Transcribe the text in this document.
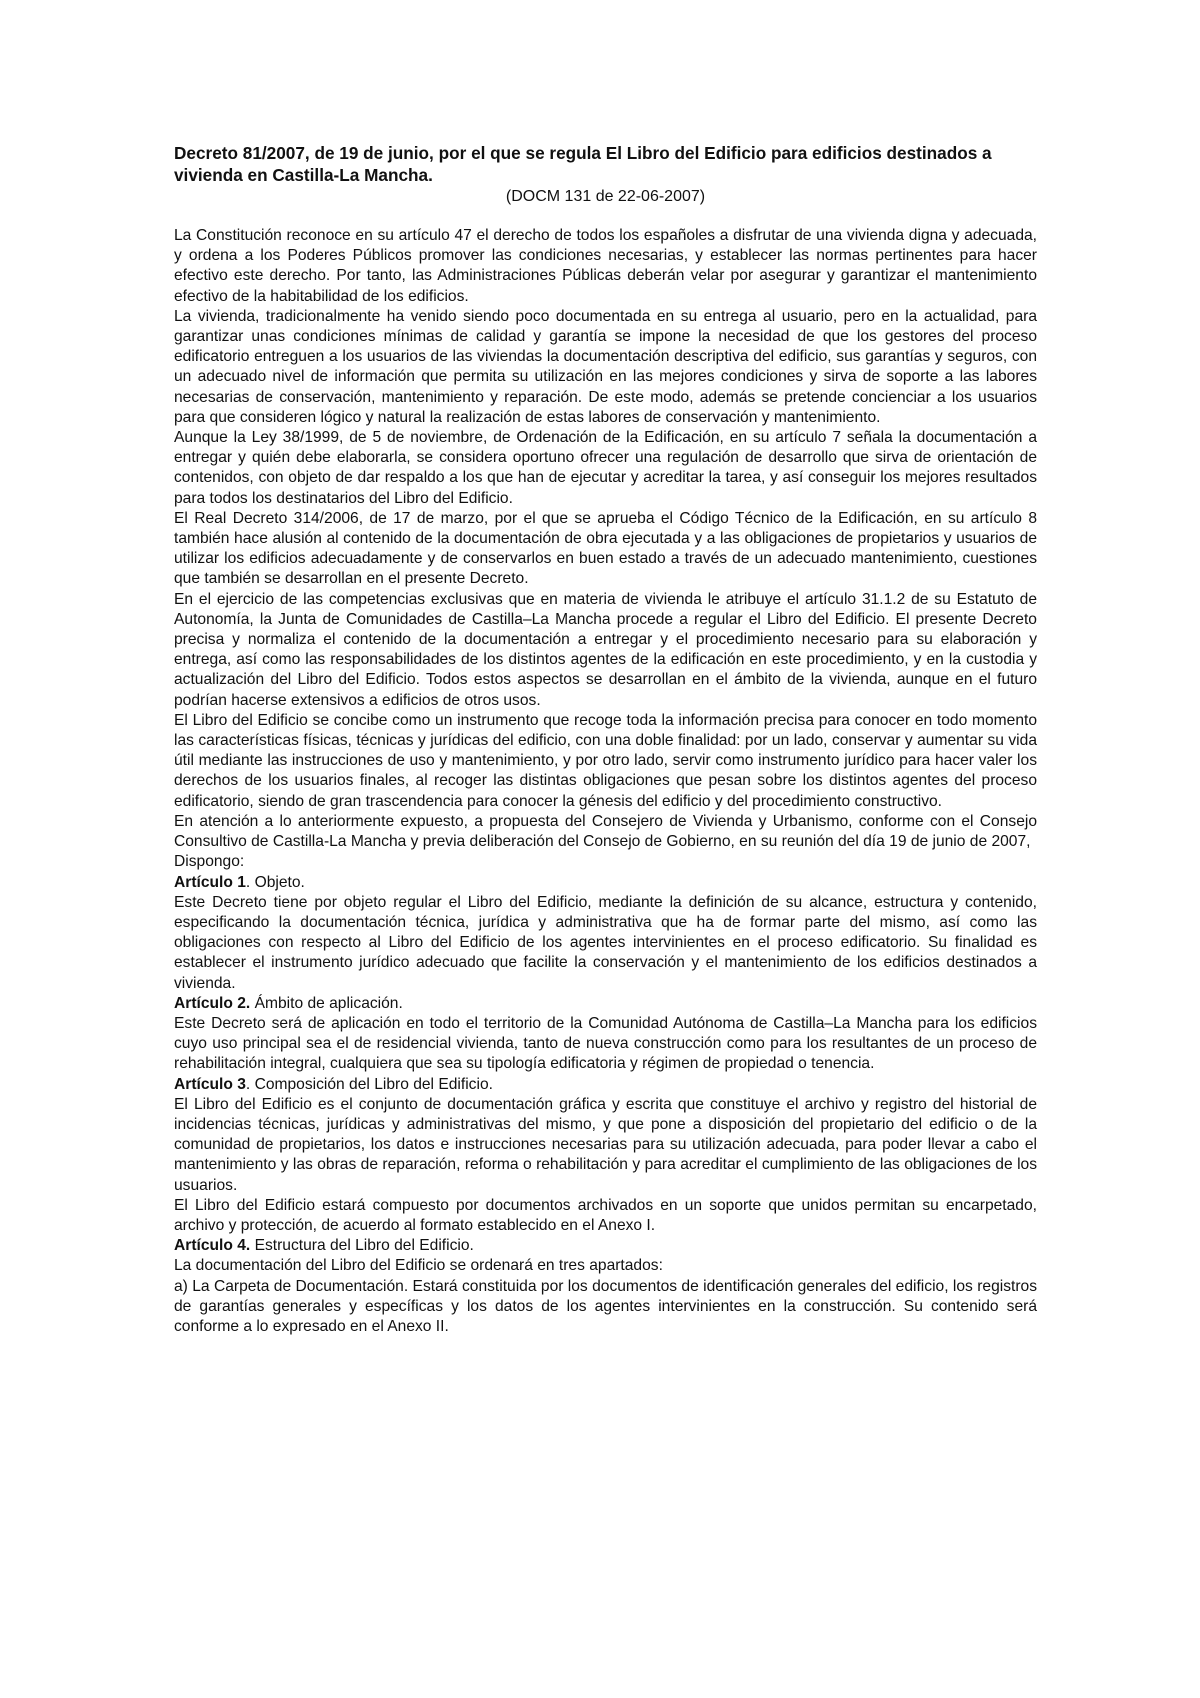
Decreto 81/2007, de 19 de junio, por el que se regula El Libro del Edificio para edificios destinados a vivienda en Castilla-La Mancha.

(DOCM 131 de 22-06-2007)

La Constitución reconoce en su artículo 47 el derecho de todos los españoles a disfrutar de una vivienda digna y adecuada, y ordena a los Poderes Públicos promover las condiciones necesarias, y establecer las normas pertinentes para hacer efectivo este derecho. Por tanto, las Administraciones Públicas deberán velar por asegurar y garantizar el mantenimiento efectivo de la habitabilidad de los edificios.

La vivienda, tradicionalmente ha venido siendo poco documentada en su entrega al usuario, pero en la actualidad, para garantizar unas condiciones mínimas de calidad y garantía se impone la necesidad de que los gestores del proceso edificatorio entreguen a los usuarios de las viviendas la documentación descriptiva del edificio, sus garantías y seguros, con un adecuado nivel de información que permita su utilización en las mejores condiciones y sirva de soporte a las labores necesarias de conservación, mantenimiento y reparación. De este modo, además se pretende concienciar a los usuarios para que consideren lógico y natural la realización de estas labores de conservación y mantenimiento.

Aunque la Ley 38/1999, de 5 de noviembre, de Ordenación de la Edificación, en su artículo 7 señala la documentación a entregar y quién debe elaborarla, se considera oportuno ofrecer una regulación de desarrollo que sirva de orientación de contenidos, con objeto de dar respaldo a los que han de ejecutar y acreditar la tarea, y así conseguir los mejores resultados para todos los destinatarios del Libro del Edificio.

El Real Decreto 314/2006, de 17 de marzo, por el que se aprueba el Código Técnico de la Edificación, en su artículo 8 también hace alusión al contenido de la documentación de obra ejecutada y a las obligaciones de propietarios y usuarios de utilizar los edificios adecuadamente y de conservarlos en buen estado a través de un adecuado mantenimiento, cuestiones que también se desarrollan en el presente Decreto.

En el ejercicio de las competencias exclusivas que en materia de vivienda le atribuye el artículo 31.1.2 de su Estatuto de Autonomía, la Junta de Comunidades de Castilla–La Mancha procede a regular el Libro del Edificio. El presente Decreto precisa y normaliza el contenido de la documentación a entregar y el procedimiento necesario para su elaboración y entrega, así como las responsabilidades de los distintos agentes de la edificación en este procedimiento, y en la custodia y actualización del Libro del Edificio. Todos estos aspectos se desarrollan en el ámbito de la vivienda, aunque en el futuro podrían hacerse extensivos a edificios de otros usos.

El Libro del Edificio se concibe como un instrumento que recoge toda la información precisa para conocer en todo momento las características físicas, técnicas y jurídicas del edificio, con una doble finalidad: por un lado, conservar y aumentar su vida útil mediante las instrucciones de uso y mantenimiento, y por otro lado, servir como instrumento jurídico para hacer valer los derechos de los usuarios finales, al recoger las distintas obligaciones que pesan sobre los distintos agentes del proceso edificatorio, siendo de gran trascendencia para conocer la génesis del edificio y del procedimiento constructivo.

En atención a lo anteriormente expuesto, a propuesta del Consejero de Vivienda y Urbanismo, conforme con el Consejo Consultivo de Castilla-La Mancha y previa deliberación del Consejo de Gobierno, en su reunión del día 19 de junio de 2007,

Dispongo:

Artículo 1. Objeto.

Este Decreto tiene por objeto regular el Libro del Edificio, mediante la definición de su alcance, estructura y contenido, especificando la documentación técnica, jurídica y administrativa que ha de formar parte del mismo, así como las obligaciones con respecto al Libro del Edificio de los agentes intervinientes en el proceso edificatorio. Su finalidad es establecer el instrumento jurídico adecuado que facilite la conservación y el mantenimiento de los edificios destinados a vivienda.

Artículo 2. Ámbito de aplicación.

Este Decreto será de aplicación en todo el territorio de la Comunidad Autónoma de Castilla–La Mancha para los edificios cuyo uso principal sea el de residencial vivienda, tanto de nueva construcción como para los resultantes de un proceso de rehabilitación integral, cualquiera que sea su tipología edificatoria y régimen de propiedad o tenencia.

Artículo 3. Composición del Libro del Edificio.

El Libro del Edificio es el conjunto de documentación gráfica y escrita que constituye el archivo y registro del historial de incidencias técnicas, jurídicas y administrativas del mismo, y que pone a disposición del propietario del edificio o de la comunidad de propietarios, los datos e instrucciones necesarias para su utilización adecuada, para poder llevar a cabo el mantenimiento y las obras de reparación, reforma o rehabilitación y para acreditar el cumplimiento de las obligaciones de los usuarios.

El Libro del Edificio estará compuesto por documentos archivados en un soporte que unidos permitan su encarpetado, archivo y protección, de acuerdo al formato establecido en el Anexo I.

Artículo 4. Estructura del Libro del Edificio.

La documentación del Libro del Edificio se ordenará en tres apartados:

a) La Carpeta de Documentación. Estará constituida por los documentos de identificación generales del edificio, los registros de garantías generales y específicas y los datos de los agentes intervinientes en la construcción. Su contenido será conforme a lo expresado en el Anexo II.
